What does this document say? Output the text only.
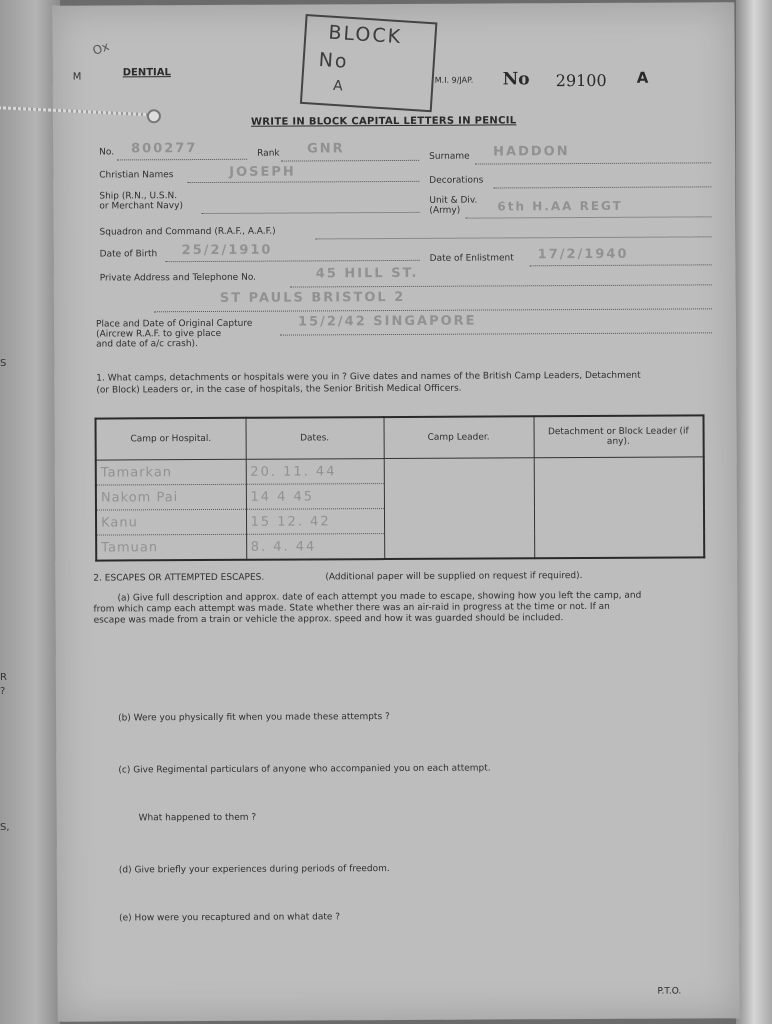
S
R
?
S,
Ox
M	DENTIAL
BLOCK
No
A	M.I. 9/JAP. No 29100 A
WRITE IN BLOCK CAPITAL LETTERS IN PENCIL
No. 800277	Rank GNR
Surname HADDON
Christian Names	JOSEPH
Decorations
Ship (R.N., U.S.N.
or Merchant Navy)
Unit & Div.
(Army)	6th H.AA REGT
Squadron and Command (R.A.F., A.A.F.)
Date of Birth 25/2/1910
Date of Enlistment 17/2/1940
Private Address and Telephone No.	45 HILL ST.
ST PAULS BRISTOL 2
Place and Date of Original Capture
(Aircrew R.A.F. to give place
and date of a/c crash).
15/2/42 SINGAPORE
1. What camps, detachments or hospitals were you in ? Give dates and names of the British Camp Leaders, Detachment
(or Block) Leaders or, in the case of hospitals, the Senior British Medical Officers.
Camp or Hospital.	Dates.	Camp Leader.	Detachment or Block Leader (if any).
Tamarkan	20. 11. 44		
Nakom Pai	14 4 45		
Kanu	15 12. 42		
Tamuan	8. 4. 44		
2. ESCAPES OR ATTEMPTED ESCAPES.	(Additional paper will be supplied on request if required).
(a) Give full description and approx. date of each attempt you made to escape, showing how you left the camp, and
from which camp each attempt was made. State whether there was an air-raid in progress at the time or not. If an
escape was made from a train or vehicle the approx. speed and how it was guarded should be included.
(b) Were you physically fit when you made these attempts ?
(c) Give Regimental particulars of anyone who accompanied you on each attempt.
What happened to them ?
(d) Give briefly your experiences during periods of freedom.
(e) How were you recaptured and on what date ?
P.T.O.
